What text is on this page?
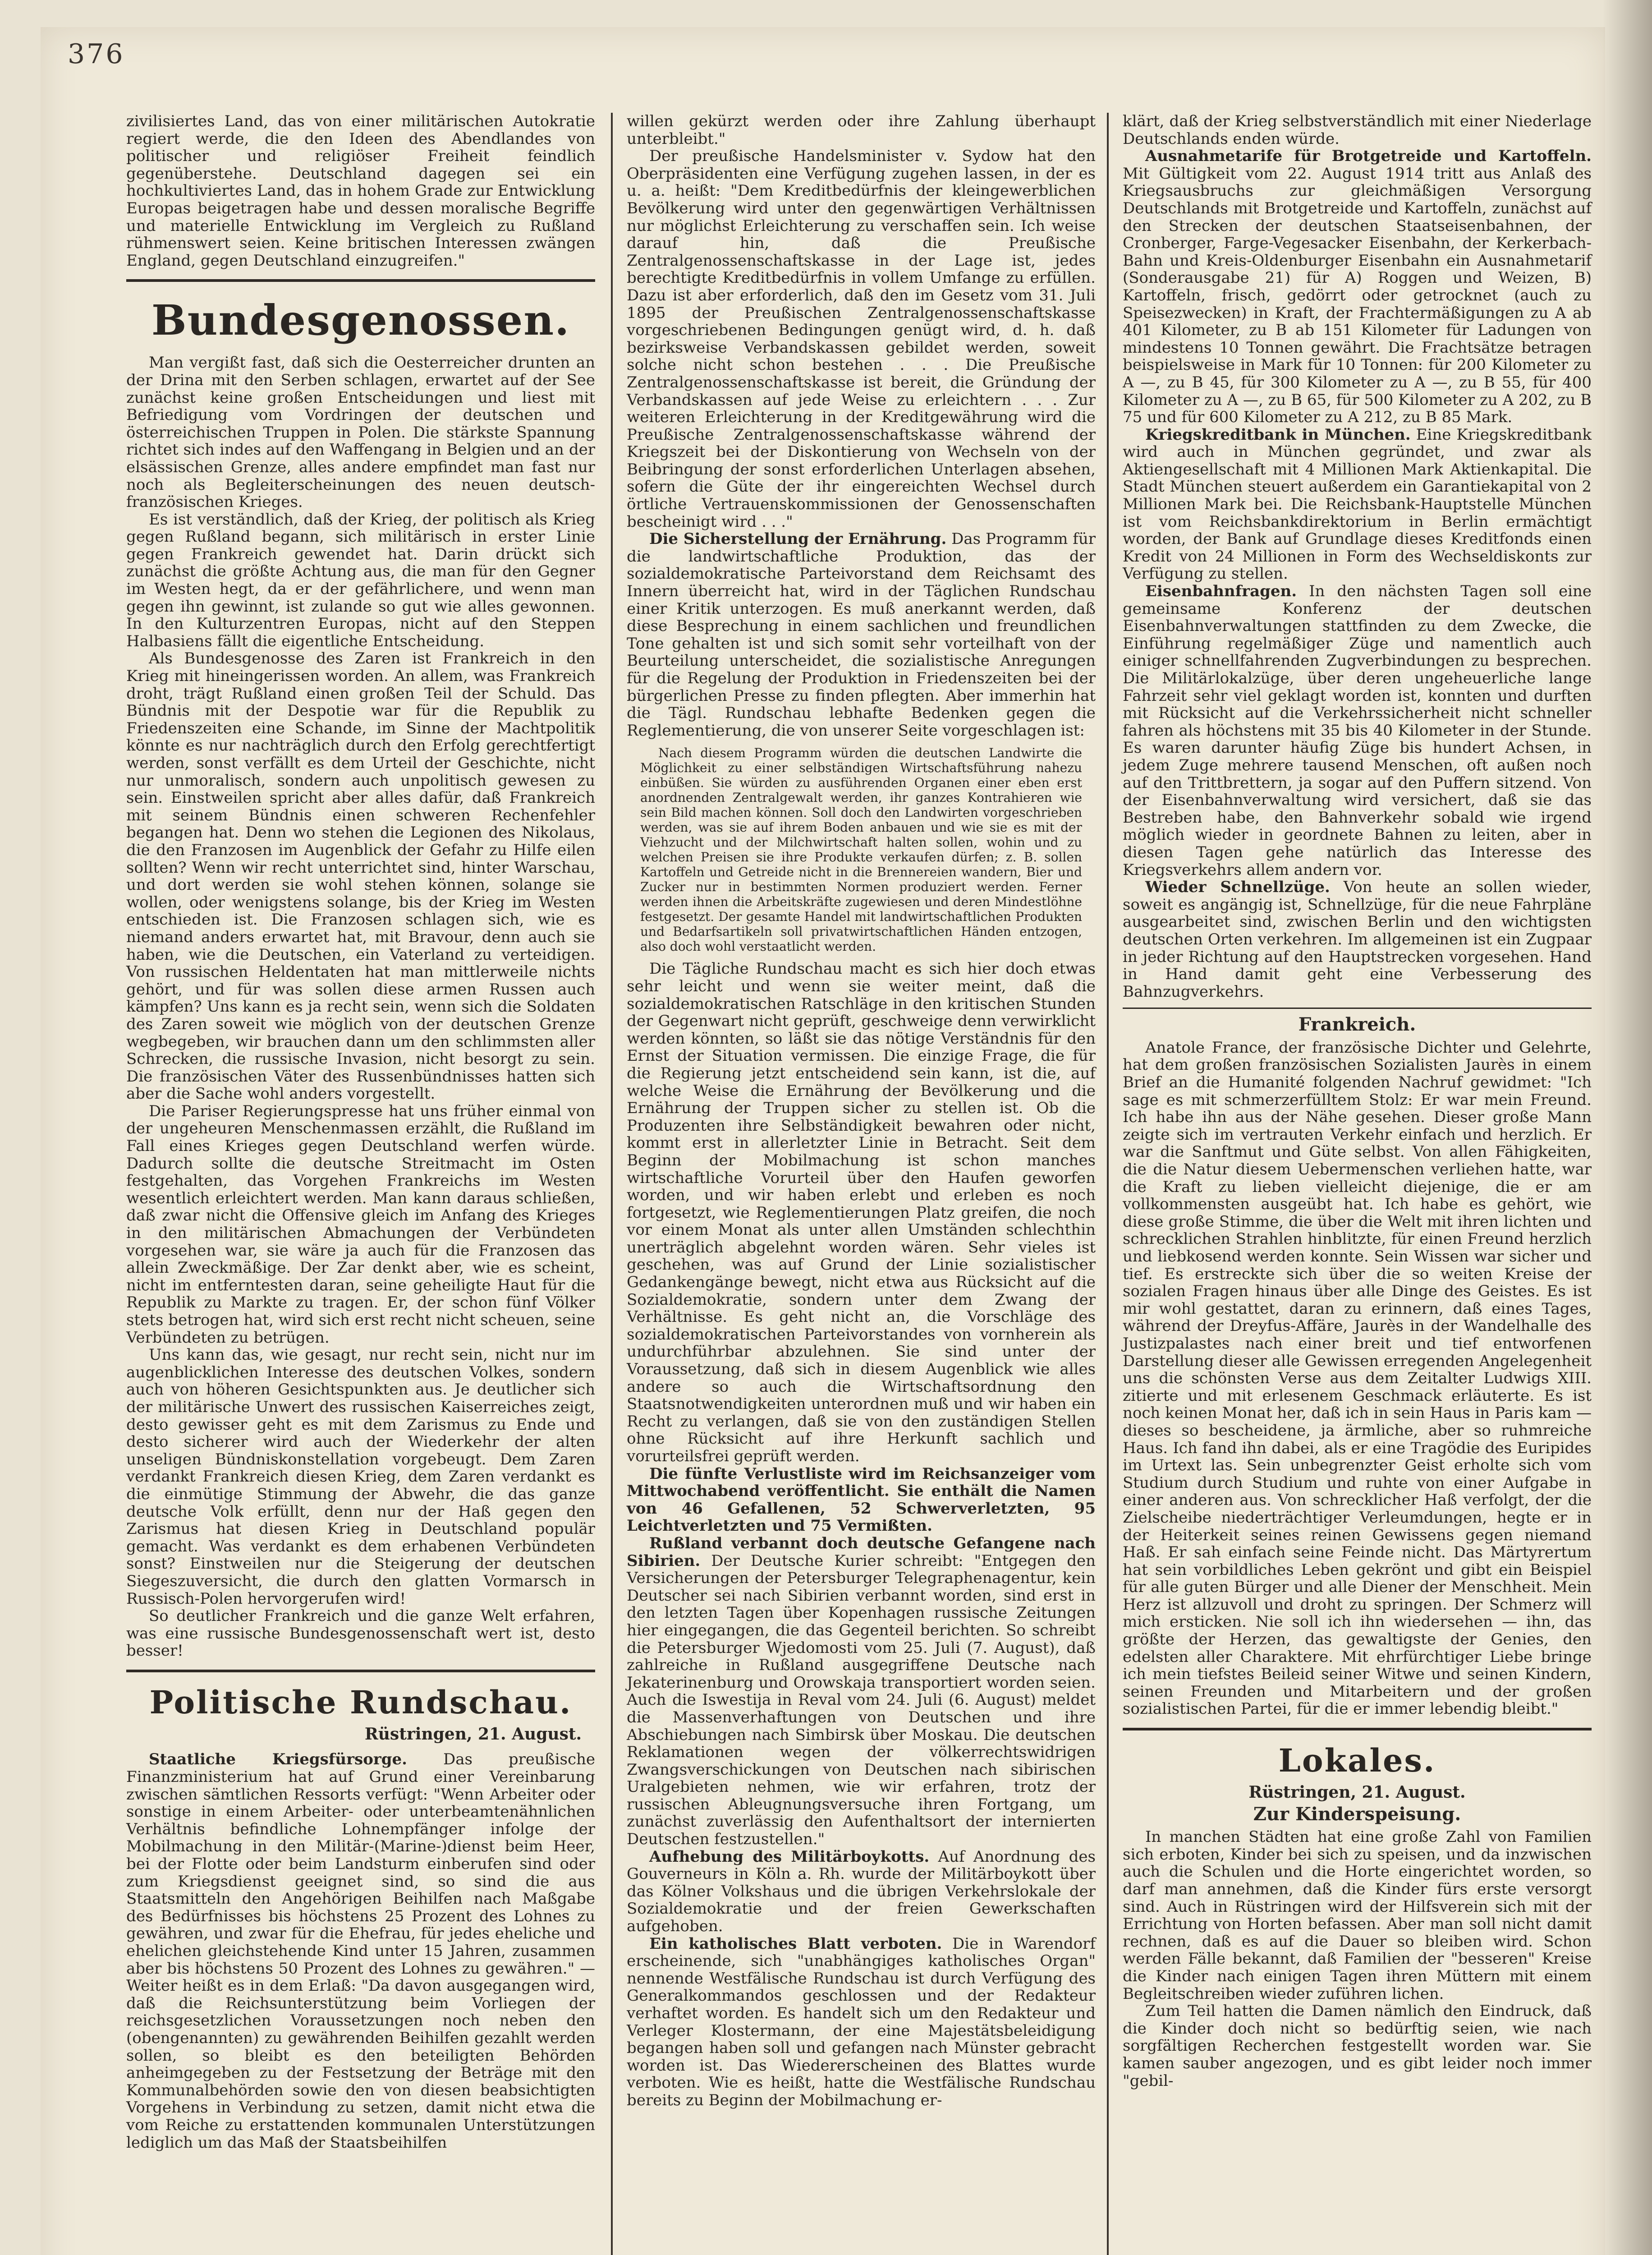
376

zivilisiertes Land, das von einer militärischen Autokratie regiert werde, die den Ideen des Abendlandes von politischer und religiöser Freiheit feindlich gegenüberstehe. Deutschland dagegen sei ein hochkultiviertes Land, das in hohem Grade zur Entwicklung Europas beigetragen habe und dessen moralische Begriffe und materielle Entwicklung im Vergleich zu Rußland rühmenswert seien. Keine britischen Interessen zwängen England, gegen Deutschland einzugreifen."

Bundesgenossen.

Man vergißt fast, daß sich die Oesterreicher drunten an der Drina mit den Serben schlagen, erwartet auf der See zunächst keine großen Entscheidungen und liest mit Befriedigung vom Vordringen der deutschen und österreichischen Truppen in Polen. Die stärkste Spannung richtet sich indes auf den Waffengang in Belgien und an der elsässischen Grenze, alles andere empfindet man fast nur noch als Begleiterscheinungen des neuen deutsch-französischen Krieges.

Es ist verständlich, daß der Krieg, der politisch als Krieg gegen Rußland begann, sich militärisch in erster Linie gegen Frankreich gewendet hat. Darin drückt sich zunächst die größte Achtung aus, die man für den Gegner im Westen hegt, da er der gefährlichere, und wenn man gegen ihn gewinnt, ist zulande so gut wie alles gewonnen. In den Kulturzentren Europas, nicht auf den Steppen Halbasiens fällt die eigentliche Entscheidung.

Als Bundesgenosse des Zaren ist Frankreich in den Krieg mit hineingerissen worden. An allem, was Frankreich droht, trägt Rußland einen großen Teil der Schuld. Das Bündnis mit der Despotie war für die Republik zu Friedenszeiten eine Schande, im Sinne der Machtpolitik könnte es nur nachträglich durch den Erfolg gerechtfertigt werden, sonst verfällt es dem Urteil der Geschichte, nicht nur unmoralisch, sondern auch unpolitisch gewesen zu sein. Einstweilen spricht aber alles dafür, daß Frankreich mit seinem Bündnis einen schweren Rechenfehler begangen hat. Denn wo stehen die Legionen des Nikolaus, die den Franzosen im Augenblick der Gefahr zu Hilfe eilen sollten? Wenn wir recht unterrichtet sind, hinter Warschau, und dort werden sie wohl stehen können, solange sie wollen, oder wenigstens solange, bis der Krieg im Westen entschieden ist. Die Franzosen schlagen sich, wie es niemand anders erwartet hat, mit Bravour, denn auch sie haben, wie die Deutschen, ein Vaterland zu verteidigen. Von russischen Heldentaten hat man mittlerweile nichts gehört, und für was sollen diese armen Russen auch kämpfen? Uns kann es ja recht sein, wenn sich die Soldaten des Zaren soweit wie möglich von der deutschen Grenze wegbegeben, wir brauchen dann um den schlimmsten aller Schrecken, die russische Invasion, nicht besorgt zu sein. Die französischen Väter des Russenbündnisses hatten sich aber die Sache wohl anders vorgestellt.

Die Pariser Regierungspresse hat uns früher einmal von der ungeheuren Menschenmassen erzählt, die Rußland im Fall eines Krieges gegen Deutschland werfen würde. Dadurch sollte die deutsche Streitmacht im Osten festgehalten, das Vorgehen Frankreichs im Westen wesentlich erleichtert werden. Man kann daraus schließen, daß zwar nicht die Offensive gleich im Anfang des Krieges in den militärischen Abmachungen der Verbündeten vorgesehen war, sie wäre ja auch für die Franzosen das allein Zweckmäßige. Der Zar denkt aber, wie es scheint, nicht im entferntesten daran, seine geheiligte Haut für die Republik zu Markte zu tragen. Er, der schon fünf Völker stets betrogen hat, wird sich erst recht nicht scheuen, seine Verbündeten zu betrügen.

Uns kann das, wie gesagt, nur recht sein, nicht nur im augenblicklichen Interesse des deutschen Volkes, sondern auch von höheren Gesichtspunkten aus. Je deutlicher sich der militärische Unwert des russischen Kaiserreiches zeigt, desto gewisser geht es mit dem Zarismus zu Ende und desto sicherer wird auch der Wiederkehr der alten unseligen Bündniskonstellation vorgebeugt. Dem Zaren verdankt Frankreich diesen Krieg, dem Zaren verdankt es die einmütige Stimmung der Abwehr, die das ganze deutsche Volk erfüllt, denn nur der Haß gegen den Zarismus hat diesen Krieg in Deutschland populär gemacht. Was verdankt es dem erhabenen Verbündeten sonst? Einstweilen nur die Steigerung der deutschen Siegeszuversicht, die durch den glatten Vormarsch in Russisch-Polen hervorgerufen wird!

So deutlicher Frankreich und die ganze Welt erfahren, was eine russische Bundesgenossenschaft wert ist, desto besser!

Politische Rundschau.
Rüstringen, 21. August.

Staatliche Kriegsfürsorge. Das preußische Finanzministerium hat auf Grund einer Vereinbarung zwischen sämtlichen Ressorts verfügt: "Wenn Arbeiter oder sonstige in einem Arbeiter- oder unterbeamtenähnlichen Verhältnis befindliche Lohnempfänger infolge der Mobilmachung in den Militär-(Marine-)dienst beim Heer, bei der Flotte oder beim Landsturm einberufen sind oder zum Kriegsdienst geeignet sind, so sind die aus Staatsmitteln den Angehörigen Beihilfen nach Maßgabe des Bedürfnisses bis höchstens 25 Prozent des Lohnes zu gewähren, und zwar für die Ehefrau, für jedes eheliche und ehelichen gleichstehende Kind unter 15 Jahren, zusammen aber bis höchstens 50 Prozent des Lohnes zu gewähren." — Weiter heißt es in dem Erlaß: "Da davon ausgegangen wird, daß die Reichsunterstützung beim Vorliegen der reichsgesetzlichen Voraussetzungen noch neben den (obengenannten) zu gewährenden Beihilfen gezahlt werden sollen, so bleibt es den beteiligten Behörden anheimgegeben zu der Festsetzung der Beträge mit den Kommunalbehörden sowie den von diesen beabsichtigten Vorgehens in Verbindung zu setzen, damit nicht etwa die vom Reiche zu erstattenden kommunalen Unterstützungen lediglich um das Maß der Staatsbeihilfen

willen gekürzt werden oder ihre Zahlung überhaupt unterbleibt."

Der preußische Handelsminister v. Sydow hat den Oberpräsidenten eine Verfügung zugehen lassen, in der es u. a. heißt: "Dem Kreditbedürfnis der kleingewerblichen Bevölkerung wird unter den gegenwärtigen Verhältnissen nur möglichst Erleichterung zu verschaffen sein. Ich weise darauf hin, daß die Preußische Zentralgenossenschaftskasse in der Lage ist, jedes berechtigte Kreditbedürfnis in vollem Umfange zu erfüllen. Dazu ist aber erforderlich, daß den im Gesetz vom 31. Juli 1895 der Preußischen Zentralgenossenschaftskasse vorgeschriebenen Bedingungen genügt wird, d. h. daß bezirksweise Verbandskassen gebildet werden, soweit solche nicht schon bestehen . . . Die Preußische Zentralgenossenschaftskasse ist bereit, die Gründung der Verbandskassen auf jede Weise zu erleichtern . . . Zur weiteren Erleichterung in der Kreditgewährung wird die Preußische Zentralgenossenschaftskasse während der Kriegszeit bei der Diskontierung von Wechseln von der Beibringung der sonst erforderlichen Unterlagen absehen, sofern die Güte der ihr eingereichten Wechsel durch örtliche Vertrauenskommissionen der Genossenschaften bescheinigt wird . . ."

Die Sicherstellung der Ernährung. Das Programm für die landwirtschaftliche Produktion, das der sozialdemokratische Parteivorstand dem Reichsamt des Innern überreicht hat, wird in der Täglichen Rundschau einer Kritik unterzogen. Es muß anerkannt werden, daß diese Besprechung in einem sachlichen und freundlichen Tone gehalten ist und sich somit sehr vorteilhaft von der Beurteilung unterscheidet, die sozialistische Anregungen für die Regelung der Produktion in Friedenszeiten bei der bürgerlichen Presse zu finden pflegten. Aber immerhin hat die Tägl. Rundschau lebhafte Bedenken gegen die Reglementierung, die von unserer Seite vorgeschlagen ist:

Nach diesem Programm würden die deutschen Landwirte die Möglichkeit zu einer selbständigen Wirtschaftsführung nahezu einbüßen. Sie würden zu ausführenden Organen einer eben erst anordnenden Zentralgewalt werden, ihr ganzes Kontrahieren wie sein Bild machen können. Soll doch den Landwirten vorgeschrieben werden, was sie auf ihrem Boden anbauen und wie sie es mit der Viehzucht und der Milchwirtschaft halten sollen, wohin und zu welchen Preisen sie ihre Produkte verkaufen dürfen; z. B. sollen Kartoffeln und Getreide nicht in die Brennereien wandern, Bier und Zucker nur in bestimmten Normen produziert werden. Ferner werden ihnen die Arbeitskräfte zugewiesen und deren Mindestlöhne festgesetzt. Der gesamte Handel mit landwirtschaftlichen Produkten und Bedarfsartikeln soll privatwirtschaftlichen Händen entzogen, also doch wohl verstaatlicht werden.

Die Tägliche Rundschau macht es sich hier doch etwas sehr leicht und wenn sie weiter meint, daß die sozialdemokratischen Ratschläge in den kritischen Stunden der Gegenwart nicht geprüft, geschweige denn verwirklicht werden könnten, so läßt sie das nötige Verständnis für den Ernst der Situation vermissen. Die einzige Frage, die für die Regierung jetzt entscheidend sein kann, ist die, auf welche Weise die Ernährung der Bevölkerung und die Ernährung der Truppen sicher zu stellen ist. Ob die Produzenten ihre Selbständigkeit bewahren oder nicht, kommt erst in allerletzter Linie in Betracht. Seit dem Beginn der Mobilmachung ist schon manches wirtschaftliche Vorurteil über den Haufen geworfen worden, und wir haben erlebt und erleben es noch fortgesetzt, wie Reglementierungen Platz greifen, die noch vor einem Monat als unter allen Umständen schlechthin unerträglich abgelehnt worden wären. Sehr vieles ist geschehen, was auf Grund der Linie sozialistischer Gedankengänge bewegt, nicht etwa aus Rücksicht auf die Sozialdemokratie, sondern unter dem Zwang der Verhältnisse. Es geht nicht an, die Vorschläge des sozialdemokratischen Parteivorstandes von vornherein als undurchführbar abzulehnen. Sie sind unter der Voraussetzung, daß sich in diesem Augenblick wie alles andere so auch die Wirtschaftsordnung den Staatsnotwendigkeiten unterordnen muß und wir haben ein Recht zu verlangen, daß sie von den zuständigen Stellen ohne Rücksicht auf ihre Herkunft sachlich und vorurteilsfrei geprüft werden.

Die fünfte Verlustliste wird im Reichsanzeiger vom Mittwochabend veröffentlicht. Sie enthält die Namen von 46 Gefallenen, 52 Schwerverletzten, 95 Leichtverletzten und 75 Vermißten.

Rußland verbannt doch deutsche Gefangene nach Sibirien. Der Deutsche Kurier schreibt: "Entgegen den Versicherungen der Petersburger Telegraphenagentur, kein Deutscher sei nach Sibirien verbannt worden, sind erst in den letzten Tagen über Kopenhagen russische Zeitungen hier eingegangen, die das Gegenteil berichten. So schreibt die Petersburger Wjedomosti vom 25. Juli (7. August), daß zahlreiche in Rußland ausgegriffene Deutsche nach Jekaterinenburg und Orowskaja transportiert worden seien. Auch die Iswestija in Reval vom 24. Juli (6. August) meldet die Massenverhaftungen von Deutschen und ihre Abschiebungen nach Simbirsk über Moskau. Die deutschen Reklamationen wegen der völkerrechtswidrigen Zwangsverschickungen von Deutschen nach sibirischen Uralgebieten nehmen, wie wir erfahren, trotz der russischen Ableugnungsversuche ihren Fortgang, um zunächst zuverlässig den Aufenthaltsort der internierten Deutschen festzustellen."

Aufhebung des Militärboykotts. Auf Anordnung des Gouverneurs in Köln a. Rh. wurde der Militärboykott über das Kölner Volkshaus und die übrigen Verkehrslokale der Sozialdemokratie und der freien Gewerkschaften aufgehoben.

Ein katholisches Blatt verboten. Die in Warendorf erscheinende, sich "unabhängiges katholisches Organ" nennende Westfälische Rundschau ist durch Verfügung des Generalkommandos geschlossen und der Redakteur verhaftet worden. Es handelt sich um den Redakteur und Verleger Klostermann, der eine Majestätsbeleidigung begangen haben soll und gefangen nach Münster gebracht worden ist. Das Wiedererscheinen des Blattes wurde verboten. Wie es heißt, hatte die Westfälische Rundschau bereits zu Beginn der Mobilmachung er-

klärt, daß der Krieg selbstverständlich mit einer Niederlage Deutschlands enden würde.

Ausnahmetarife für Brotgetreide und Kartoffeln. Mit Gültigkeit vom 22. August 1914 tritt aus Anlaß des Kriegsausbruchs zur gleichmäßigen Versorgung Deutschlands mit Brotgetreide und Kartoffeln, zunächst auf den Strecken der deutschen Staatseisenbahnen, der Cronberger, Farge-Vegesacker Eisenbahn, der Kerkerbach-Bahn und Kreis-Oldenburger Eisenbahn ein Ausnahmetarif (Sonderausgabe 21) für A) Roggen und Weizen, B) Kartoffeln, frisch, gedörrt oder getrocknet (auch zu Speisezwecken) in Kraft, der Frachtermäßigungen zu A ab 401 Kilometer, zu B ab 151 Kilometer für Ladungen von mindestens 10 Tonnen gewährt. Die Frachtsätze betragen beispielsweise in Mark für 10 Tonnen: für 200 Kilometer zu A —, zu B 45, für 300 Kilometer zu A —, zu B 55, für 400 Kilometer zu A —, zu B 65, für 500 Kilometer zu A 202, zu B 75 und für 600 Kilometer zu A 212, zu B 85 Mark.

Kriegskreditbank in München. Eine Kriegskreditbank wird auch in München gegründet, und zwar als Aktiengesellschaft mit 4 Millionen Mark Aktienkapital. Die Stadt München steuert außerdem ein Garantiekapital von 2 Millionen Mark bei. Die Reichsbank-Hauptstelle München ist vom Reichsbankdirektorium in Berlin ermächtigt worden, der Bank auf Grundlage dieses Kreditfonds einen Kredit von 24 Millionen in Form des Wechseldiskonts zur Verfügung zu stellen.

Eisenbahnfragen. In den nächsten Tagen soll eine gemeinsame Konferenz der deutschen Eisenbahnverwaltungen stattfinden zu dem Zwecke, die Einführung regelmäßiger Züge und namentlich auch einiger schnellfahrenden Zugverbindungen zu besprechen. Die Militärlokalzüge, über deren ungeheuerliche lange Fahrzeit sehr viel geklagt worden ist, konnten und durften mit Rücksicht auf die Verkehrssicherheit nicht schneller fahren als höchstens mit 35 bis 40 Kilometer in der Stunde. Es waren darunter häufig Züge bis hundert Achsen, in jedem Zuge mehrere tausend Menschen, oft außen noch auf den Trittbrettern, ja sogar auf den Puffern sitzend. Von der Eisenbahnverwaltung wird versichert, daß sie das Bestreben habe, den Bahnverkehr sobald wie irgend möglich wieder in geordnete Bahnen zu leiten, aber in diesen Tagen gehe natürlich das Interesse des Kriegsverkehrs allem andern vor.

Wieder Schnellzüge. Von heute an sollen wieder, soweit es angängig ist, Schnellzüge, für die neue Fahrpläne ausgearbeitet sind, zwischen Berlin und den wichtigsten deutschen Orten verkehren. Im allgemeinen ist ein Zugpaar in jeder Richtung auf den Hauptstrecken vorgesehen. Hand in Hand damit geht eine Verbesserung des Bahnzugverkehrs.

Frankreich.

Anatole France, der französische Dichter und Gelehrte, hat dem großen französischen Sozialisten Jaurès in einem Brief an die Humanité folgenden Nachruf gewidmet: "Ich sage es mit schmerzerfülltem Stolz: Er war mein Freund. Ich habe ihn aus der Nähe gesehen. Dieser große Mann zeigte sich im vertrauten Verkehr einfach und herzlich. Er war die Sanftmut und Güte selbst. Von allen Fähigkeiten, die die Natur diesem Uebermenschen verliehen hatte, war die Kraft zu lieben vielleicht diejenige, die er am vollkommensten ausgeübt hat. Ich habe es gehört, wie diese große Stimme, die über die Welt mit ihren lichten und schrecklichen Strahlen hinblitzte, für einen Freund herzlich und liebkosend werden konnte. Sein Wissen war sicher und tief. Es erstreckte sich über die so weiten Kreise der sozialen Fragen hinaus über alle Dinge des Geistes. Es ist mir wohl gestattet, daran zu erinnern, daß eines Tages, während der Dreyfus-Affäre, Jaurès in der Wandelhalle des Justizpalastes nach einer breit und tief entworfenen Darstellung dieser alle Gewissen erregenden Angelegenheit uns die schönsten Verse aus dem Zeitalter Ludwigs XIII. zitierte und mit erlesenem Geschmack erläuterte. Es ist noch keinen Monat her, daß ich in sein Haus in Paris kam — dieses so bescheidene, ja ärmliche, aber so ruhmreiche Haus. Ich fand ihn dabei, als er eine Tragödie des Euripides im Urtext las. Sein unbegrenzter Geist erholte sich vom Studium durch Studium und ruhte von einer Aufgabe in einer anderen aus. Von schrecklicher Haß verfolgt, der die Zielscheibe niederträchtiger Verleumdungen, hegte er in der Heiterkeit seines reinen Gewissens gegen niemand Haß. Er sah einfach seine Feinde nicht. Das Märtyrertum hat sein vorbildliches Leben gekrönt und gibt ein Beispiel für alle guten Bürger und alle Diener der Menschheit. Mein Herz ist allzuvoll und droht zu springen. Der Schmerz will mich ersticken. Nie soll ich ihn wiedersehen — ihn, das größte der Herzen, das gewaltigste der Genies, den edelsten aller Charaktere. Mit ehrfürchtiger Liebe bringe ich mein tiefstes Beileid seiner Witwe und seinen Kindern, seinen Freunden und Mitarbeitern und der großen sozialistischen Partei, für die er immer lebendig bleibt."

Lokales.
Rüstringen, 21. August.
Zur Kinderspeisung.

In manchen Städten hat eine große Zahl von Familien sich erboten, Kinder bei sich zu speisen, und da inzwischen auch die Schulen und die Horte eingerichtet worden, so darf man annehmen, daß die Kinder fürs erste versorgt sind. Auch in Rüstringen wird der Hilfsverein sich mit der Errichtung von Horten befassen. Aber man soll nicht damit rechnen, daß es auf die Dauer so bleiben wird. Schon werden Fälle bekannt, daß Familien der "besseren" Kreise die Kinder nach einigen Tagen ihren Müttern mit einem Begleitschreiben wieder zuführen lichen.

Zum Teil hatten die Damen nämlich den Eindruck, daß die Kinder doch nicht so bedürftig seien, wie nach sorgfältigen Recherchen festgestellt worden war. Sie kamen sauber angezogen, und es gibt leider noch immer "gebil-
